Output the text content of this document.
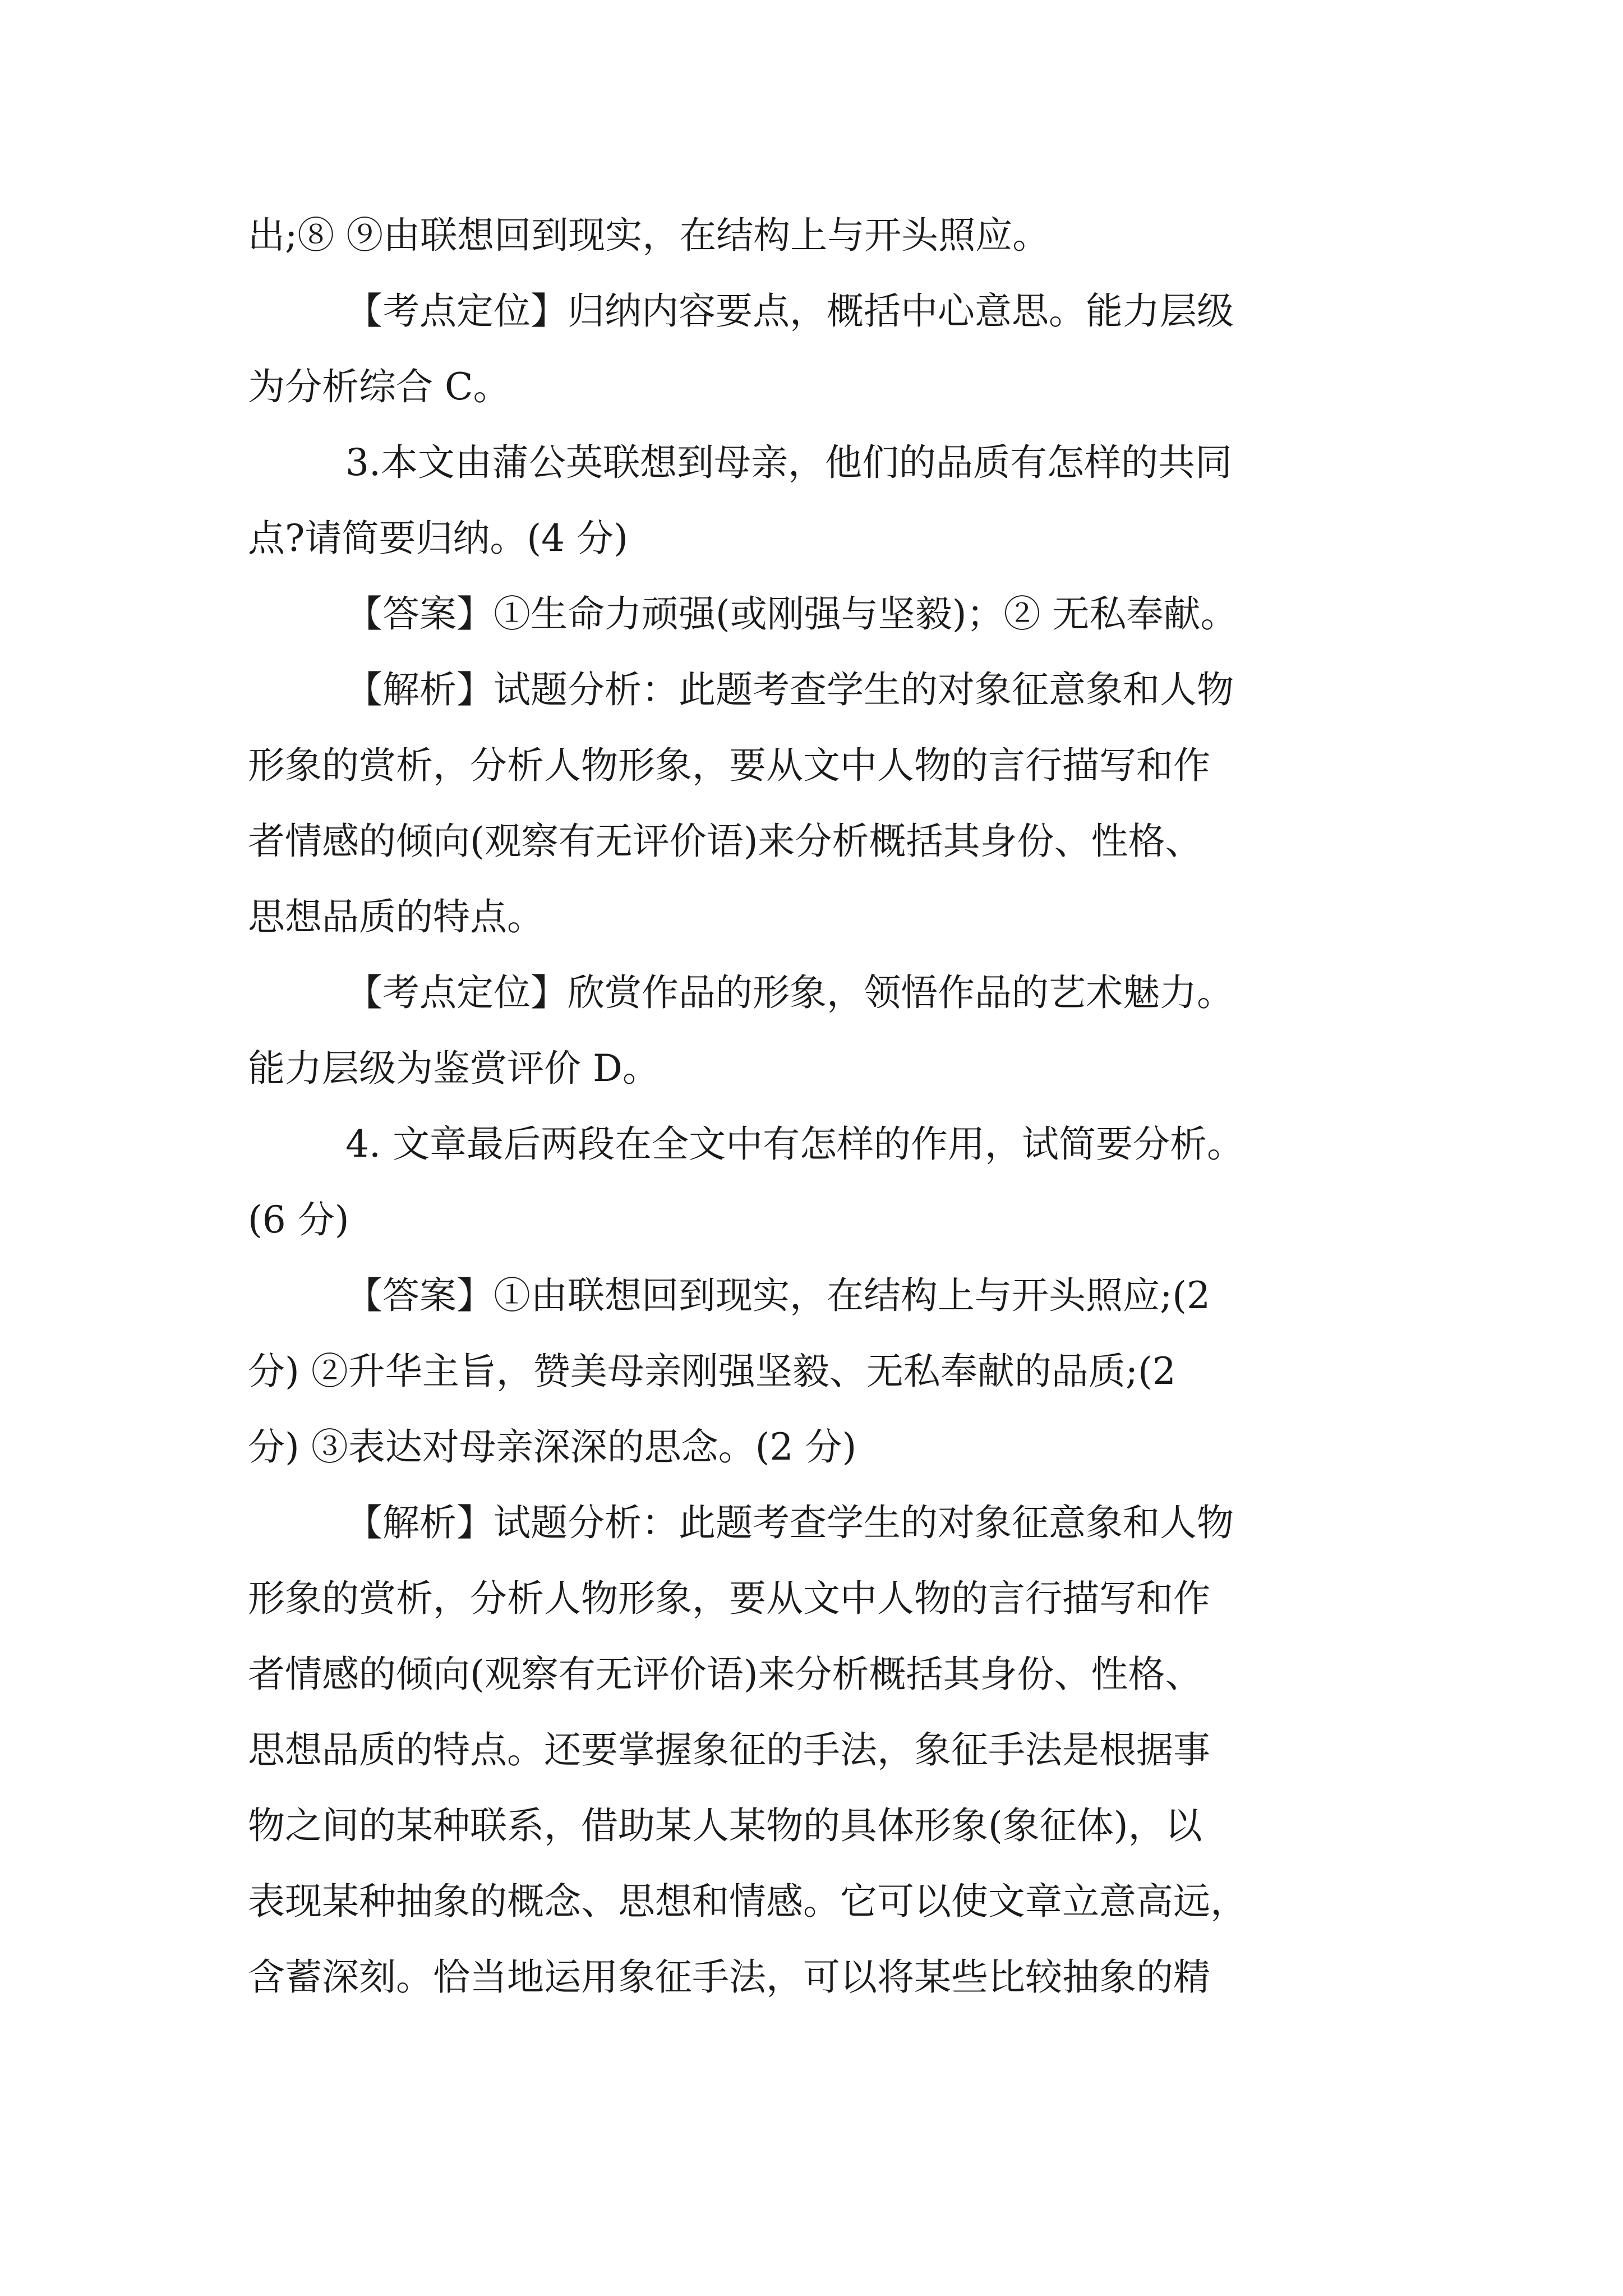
出;⑧ ⑨由联想回到现实，在结构上与开头照应。
【考点定位】归纳内容要点，概括中心意思。能力层级
为分析综合 C。
3.本文由蒲公英联想到母亲，他们的品质有怎样的共同
点?请简要归纳。(4 分)
【答案】①生命力顽强(或刚强与坚毅)；② 无私奉献。
【解析】试题分析：此题考查学生的对象征意象和人物
形象的赏析，分析人物形象，要从文中人物的言行描写和作
者情感的倾向(观察有无评价语)来分析概括其身份、性格、
思想品质的特点。
【考点定位】欣赏作品的形象，领悟作品的艺术魅力。
能力层级为鉴赏评价 D。
4. 文章最后两段在全文中有怎样的作用，试简要分析。
(6 分)
【答案】①由联想回到现实，在结构上与开头照应;(2
分) ②升华主旨，赞美母亲刚强坚毅、无私奉献的品质;(2
分) ③表达对母亲深深的思念。(2 分)
【解析】试题分析：此题考查学生的对象征意象和人物
形象的赏析，分析人物形象，要从文中人物的言行描写和作
者情感的倾向(观察有无评价语)来分析概括其身份、性格、
思想品质的特点。还要掌握象征的手法，象征手法是根据事
物之间的某种联系，借助某人某物的具体形象(象征体)，以
表现某种抽象的概念、思想和情感。它可以使文章立意高远，
含蓄深刻。恰当地运用象征手法，可以将某些比较抽象的精
